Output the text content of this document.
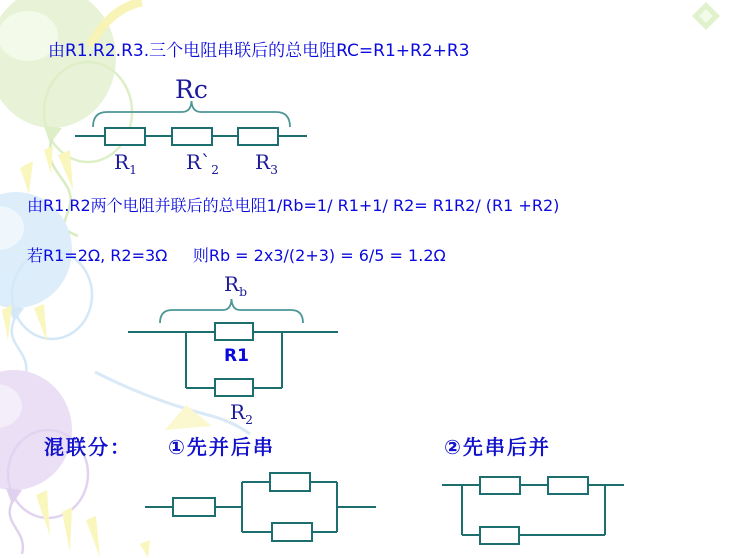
由R1.R2.R3.三个电阻串联后的总电阻RC=R1+R2+R3
由R1.R2两个电阻并联后的总电阻1/Rb=1/ R1+1/ R2= R1R2/ (R1 +R2)
若R1=2Ω, R2=3Ω     则Rb = 2x3/(2+3) = 6/5 = 1.2Ω
混联分： ①先并后串	②先串后并
Rc
$R_1$ $R`_2$ $R_3$
$R_b$
R1
$R_2$
